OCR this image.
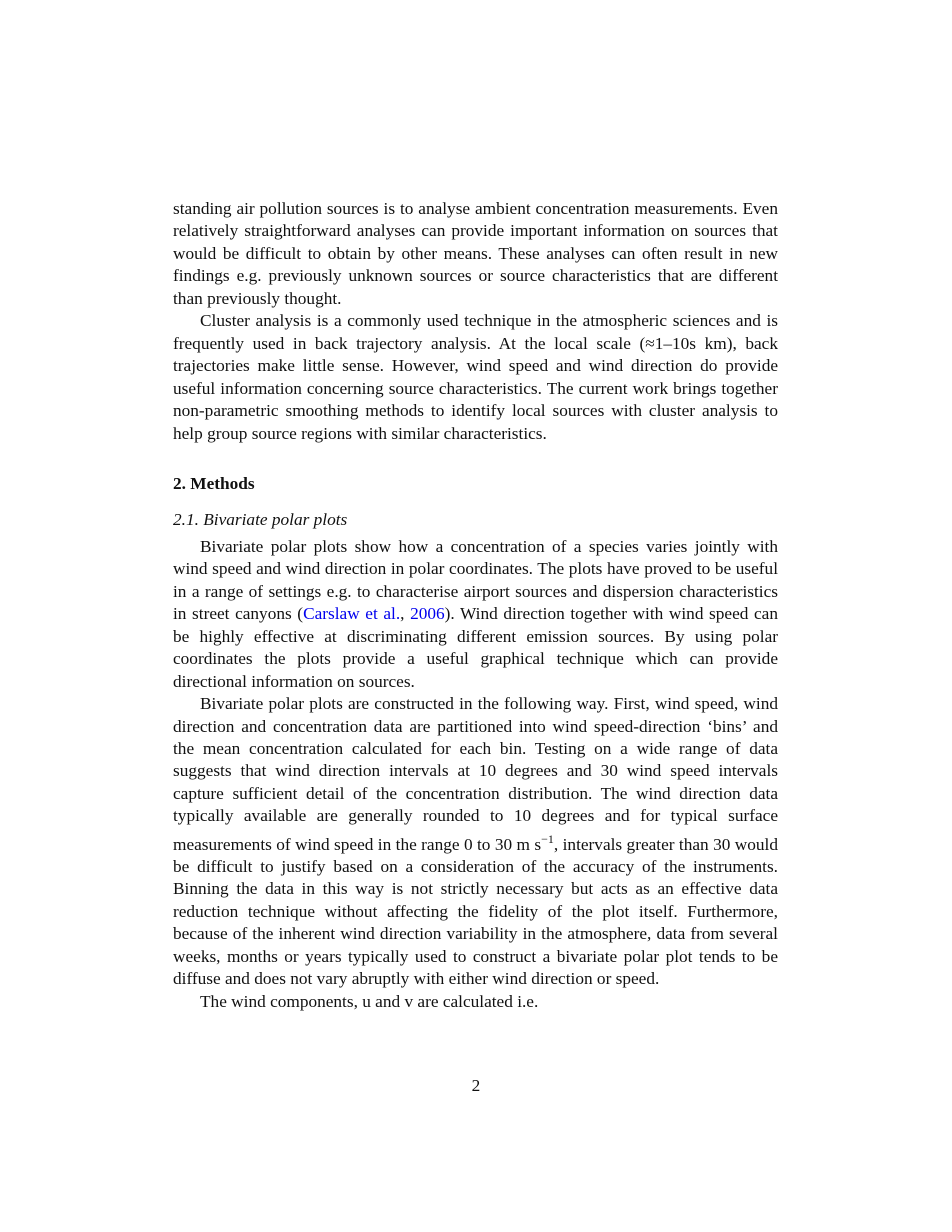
standing air pollution sources is to analyse ambient concentration measurements. Even relatively straightforward analyses can provide important information on sources that would be difficult to obtain by other means. These analyses can often result in new findings e.g. previously unknown sources or source characteristics that are different than previously thought.

Cluster analysis is a commonly used technique in the atmospheric sciences and is frequently used in back trajectory analysis. At the local scale (≈1–10s km), back trajectories make little sense. However, wind speed and wind direction do provide useful information concerning source characteristics. The current work brings together non-parametric smoothing methods to identify local sources with cluster analysis to help group source regions with similar characteristics.

2. Methods
2.1. Bivariate polar plots

Bivariate polar plots show how a concentration of a species varies jointly with wind speed and wind direction in polar coordinates. The plots have proved to be useful in a range of settings e.g. to characterise airport sources and dispersion characteristics in street canyons (Carslaw et al., 2006). Wind direction together with wind speed can be highly effective at discriminating different emission sources. By using polar coordinates the plots provide a useful graphical technique which can provide directional information on sources.

Bivariate polar plots are constructed in the following way. First, wind speed, wind direction and concentration data are partitioned into wind speed-direction ‘bins’ and the mean concentration calculated for each bin. Testing on a wide range of data suggests that wind direction intervals at 10 degrees and 30 wind speed intervals capture sufficient detail of the concentration distribution. The wind direction data typically available are generally rounded to 10 degrees and for typical surface measurements of wind speed in the range 0 to 30 m $s^{-1}$, intervals greater than 30 would be difficult to justify based on a consideration of the accuracy of the instruments. Binning the data in this way is not strictly necessary but acts as an effective data reduction technique without affecting the fidelity of the plot itself. Furthermore, because of the inherent wind direction variability in the atmosphere, data from several weeks, months or years typically used to construct a bivariate polar plot tends to be diffuse and does not vary abruptly with either wind direction or speed.

The wind components, u and v are calculated i.e.

2
